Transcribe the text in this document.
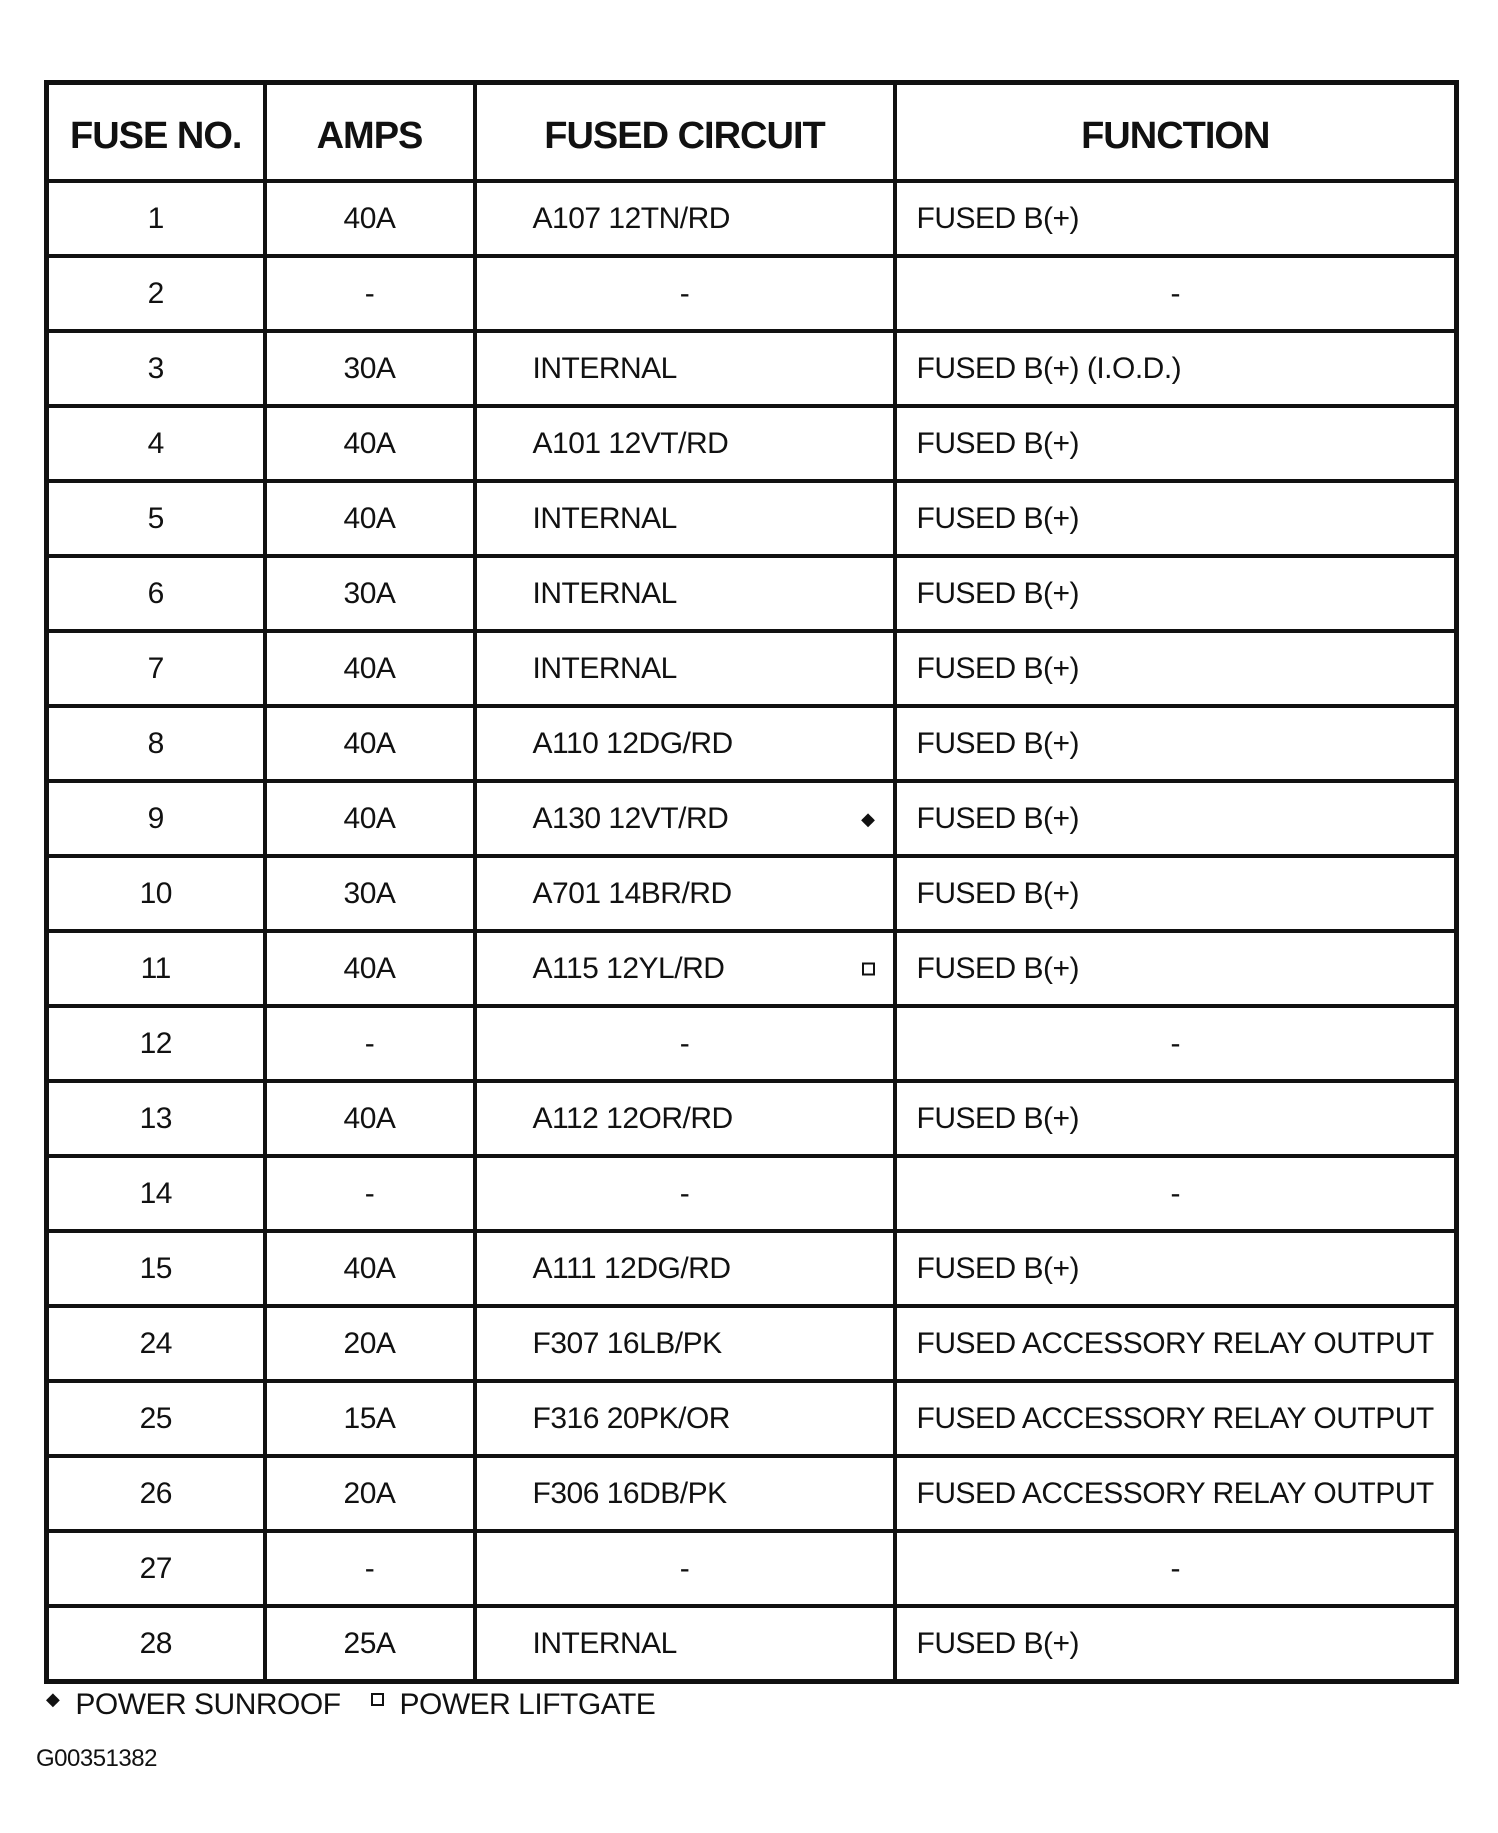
FUSE NO.	AMPS	FUSED CIRCUIT	FUNCTION
1	40A	A107 12TN/RD	FUSED B(+)
2	-	-	-
3	30A	INTERNAL	FUSED B(+) (I.O.D.)
4	40A	A101 12VT/RD	FUSED B(+)
5	40A	INTERNAL	FUSED B(+)
6	30A	INTERNAL	FUSED B(+)
7	40A	INTERNAL	FUSED B(+)
8	40A	A110 12DG/RD	FUSED B(+)
9	40A	A130 12VT/RD ◆	FUSED B(+)
10	30A	A701 14BR/RD	FUSED B(+)
11	40A	A115 12YL/RD	FUSED B(+)
12	-	-	-
13	40A	A112 12OR/RD	FUSED B(+)
14	-	-	-
15	40A	A111 12DG/RD	FUSED B(+)
24	20A	F307 16LB/PK	FUSED ACCESSORY RELAY OUTPUT
25	15A	F316 20PK/OR	FUSED ACCESSORY RELAY OUTPUT
26	20A	F306 16DB/PK	FUSED ACCESSORY RELAY OUTPUT
27	-	-	-
28	25A	INTERNAL	FUSED B(+)
◆ POWER SUNROOF POWER LIFTGATE
G00351382
